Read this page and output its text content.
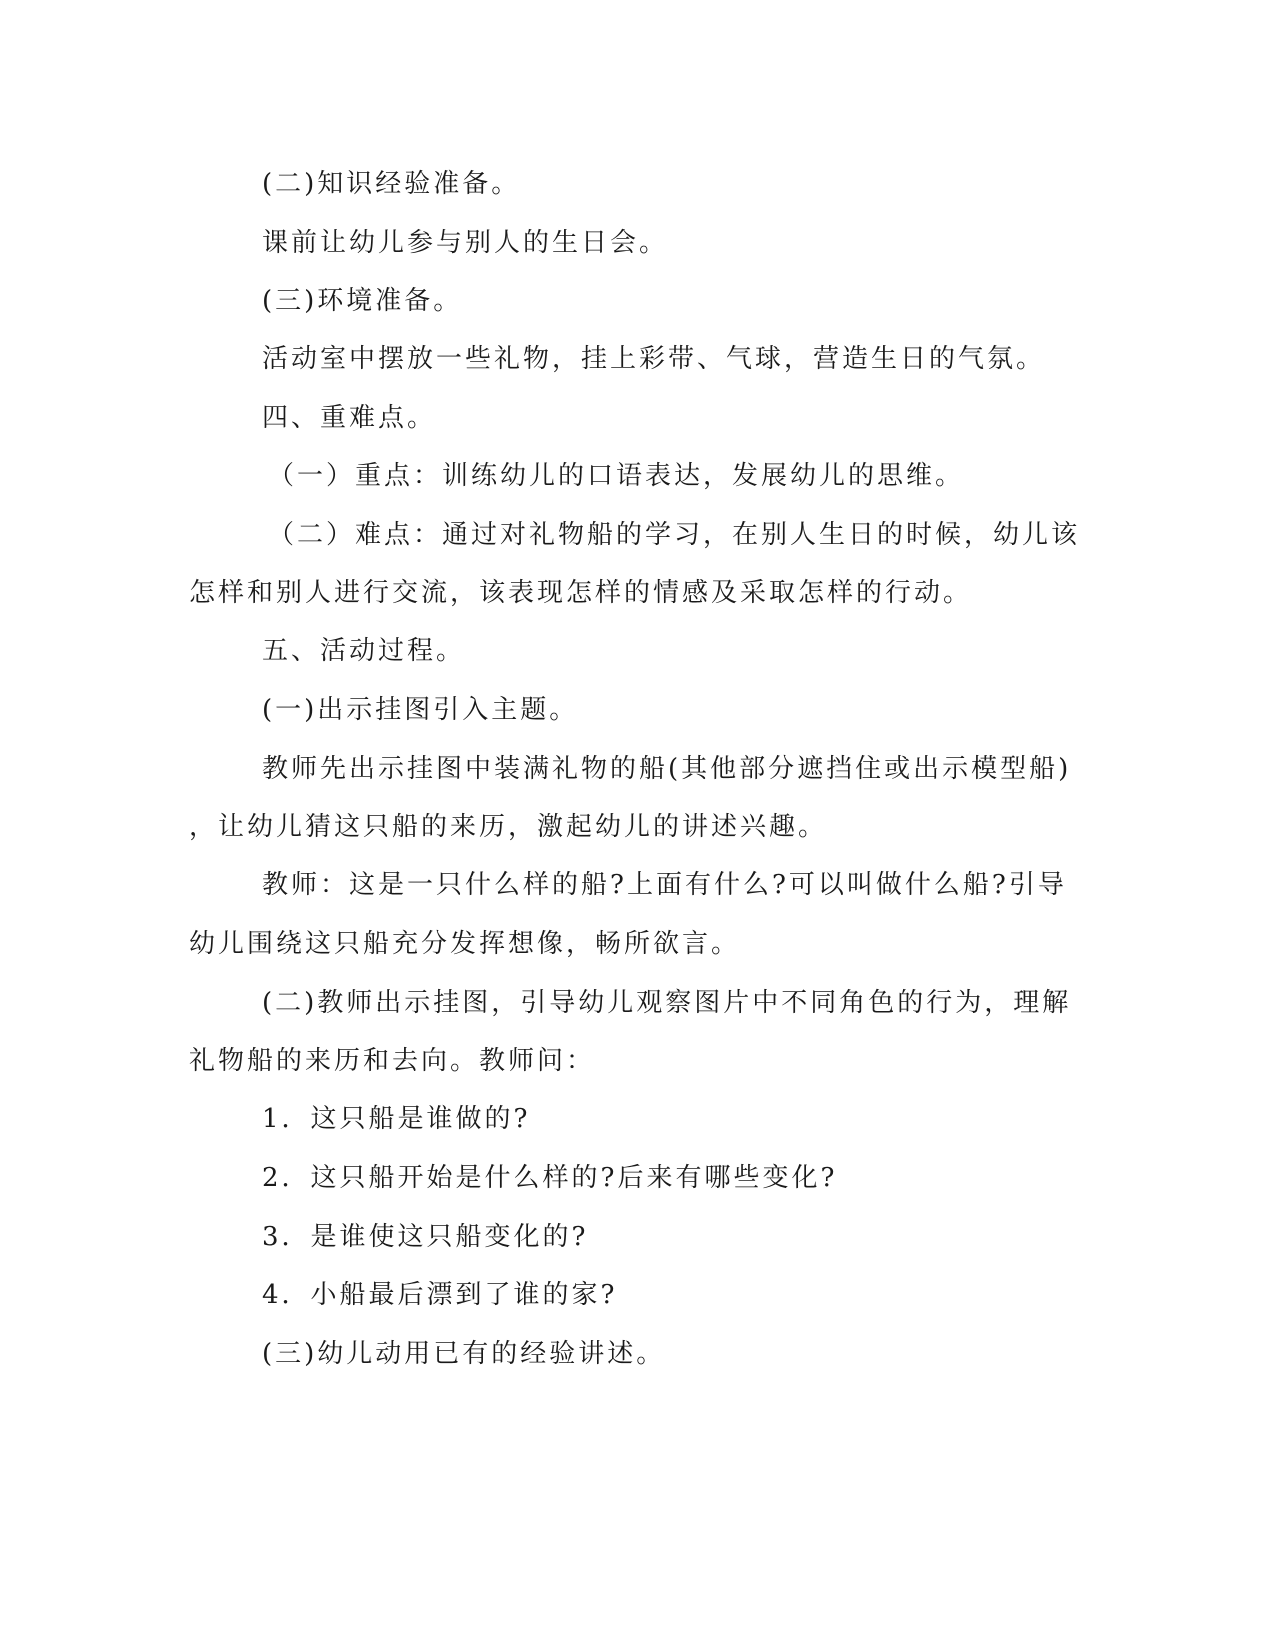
(二)知识经验准备。
课前让幼儿参与别人的生日会。
(三)环境准备。
活动室中摆放一些礼物，挂上彩带、气球，营造生日的气氛。
四、重难点。
（一）重点：训练幼儿的口语表达，发展幼儿的思维。
（二）难点：通过对礼物船的学习，在别人生日的时候，幼儿该
怎样和别人进行交流，该表现怎样的情感及采取怎样的行动。
五、活动过程。
(一)出示挂图引入主题。
教师先出示挂图中装满礼物的船(其他部分遮挡住或出示模型船)
，让幼儿猜这只船的来历，激起幼儿的讲述兴趣。
教师：这是一只什么样的船?上面有什么?可以叫做什么船?引导
幼儿围绕这只船充分发挥想像，畅所欲言。
(二)教师出示挂图，引导幼儿观察图片中不同角色的行为，理解
礼物船的来历和去向。教师问：
1．这只船是谁做的?
2．这只船开始是什么样的?后来有哪些变化?
3．是谁使这只船变化的?
4．小船最后漂到了谁的家?
(三)幼儿动用已有的经验讲述。
